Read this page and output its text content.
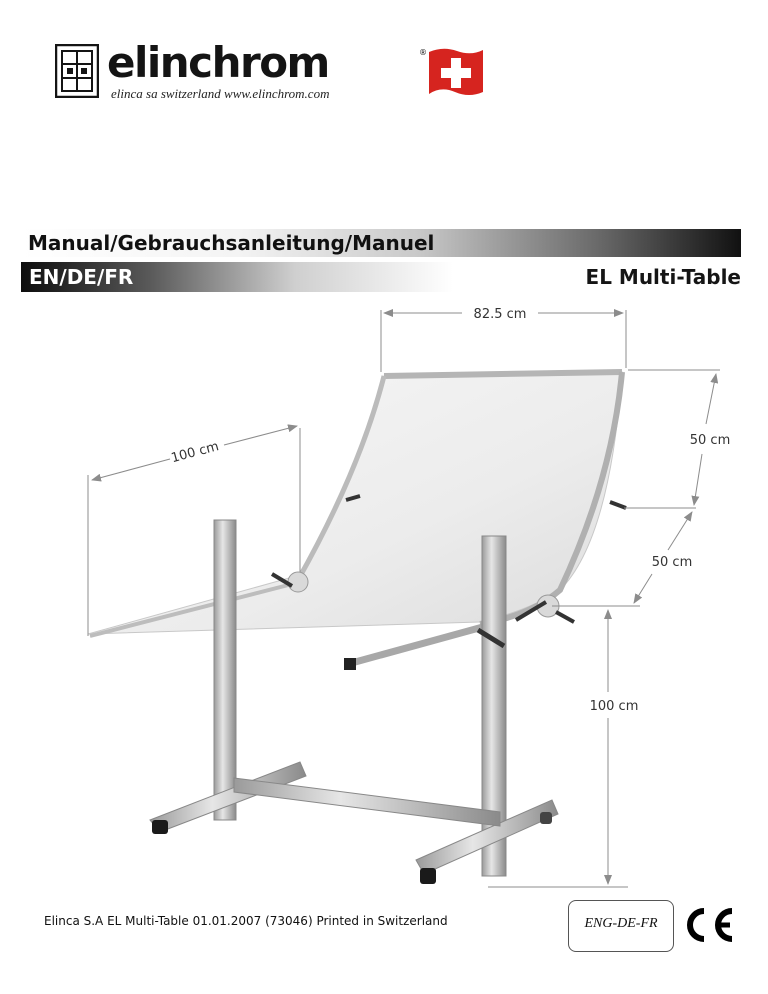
elinchrom	®
elinca sa switzerland www.elinchrom.com
Manual/Gebrauchsanleitung/Manuel
EN/DE/FR	EL Multi-Table
82.5 cm
100 cm	50 cm
50 cm
100 cm
Elinca S.A EL Multi-Table 01.01.2007 (73046) Printed in Switzerland	ENG-DE-FR
